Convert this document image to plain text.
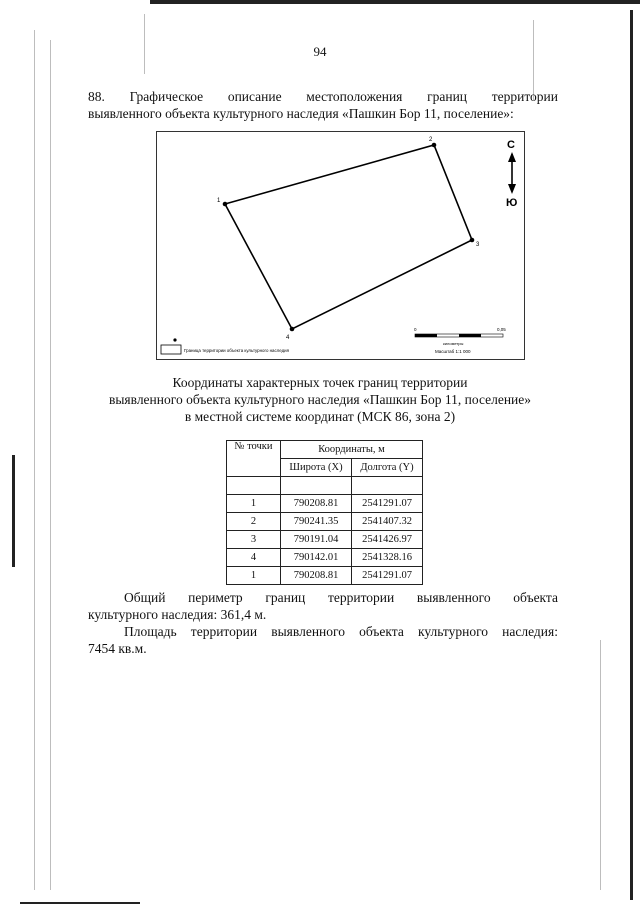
94
88. Графическое описание местоположения границ территории
выявленного объекта культурного наследия «Пашкин Бор 11, поселение»:
1
2
3
4
С
Ю
Граница территории объекта культурного наследия
0	0,05
километры
Масштаб 1:1 000
Координаты характерных точек границ территории
выявленного объекта культурного наследия «Пашкин Бор 11, поселение»
в местной системе координат (МСК 86, зона 2)
№ точки	Координаты, м	
	Широта (X)	Долгота (Y)

1	790208.81	2541291.07
2	790241.35	2541407.32
3	790191.04	2541426.97
4	790142.01	2541328.16
1	790208.81	2541291.07
Общий периметр границ территории выявленного объекта
культурного наследия: 361,4 м.
Площадь территории выявленного объекта культурного наследия:
7454 кв.м.
